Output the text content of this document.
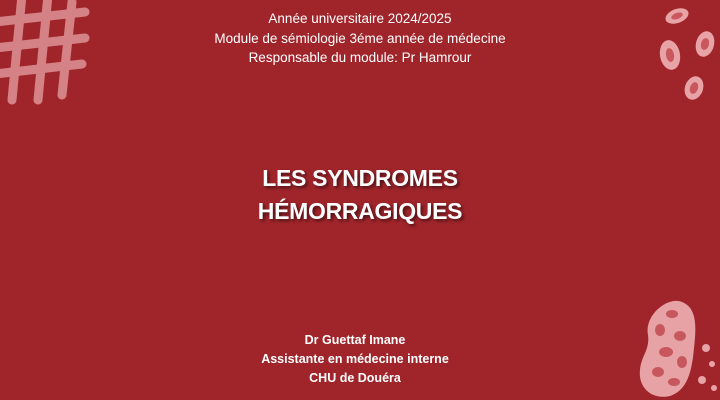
Année universitaire 2024/2025
Module de sémiologie 3éme année de médecine
Responsable du module: Pr Hamrour
LES SYNDROMES
HÉMORRAGIQUES
Dr Guettaf Imane
Assistante en médecine interne
CHU de Douéra
